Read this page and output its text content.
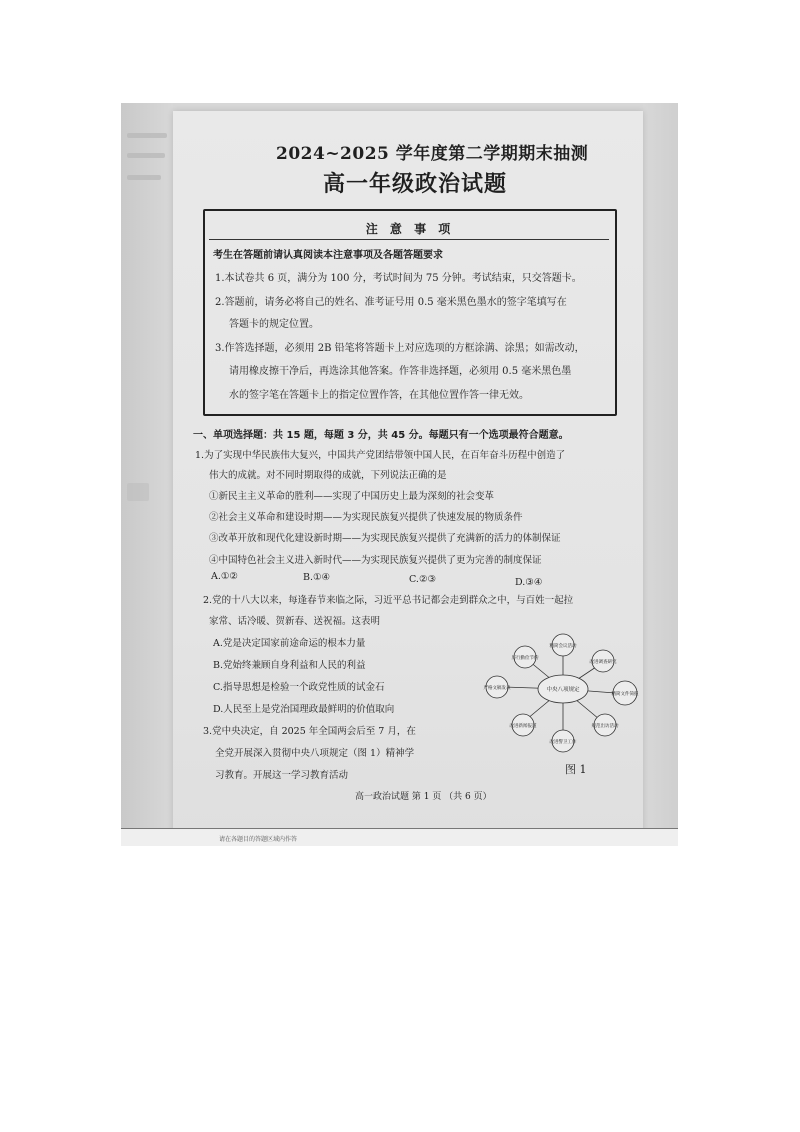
2024~2025 学年度第二学期期末抽测
高一年级政治试题
注 意 事 项
考生在答题前请认真阅读本注意事项及各题答题要求
1.本试卷共 6 页，满分为 100 分，考试时间为 75 分钟。考试结束，只交答题卡。
2.答题前，请务必将自己的姓名、准考证号用 0.5 毫米黑色墨水的签字笔填写在
答题卡的规定位置。
3.作答选择题，必须用 2B 铅笔将答题卡上对应选项的方框涂满、涂黑；如需改动，
请用橡皮擦干净后，再选涂其他答案。作答非选择题，必须用 0.5 毫米黑色墨
水的签字笔在答题卡上的指定位置作答，在其他位置作答一律无效。
一、单项选择题：共 15 题，每题 3 分，共 45 分。每题只有一个选项最符合题意。
1.为了实现中华民族伟大复兴，中国共产党团结带领中国人民，在百年奋斗历程中创造了
伟大的成就。对不同时期取得的成就，下列说法正确的是
①新民主主义革命的胜利——实现了中国历史上最为深刻的社会变革
②社会主义革命和建设时期——为实现民族复兴提供了快速发展的物质条件
③改革开放和现代化建设新时期——为实现民族复兴提供了充满新的活力的体制保证
④中国特色社会主义进入新时代——为实现民族复兴提供了更为完善的制度保证
A.①②	B.①④	C.②③	D.③④
2.党的十八大以来，每逢春节来临之际，习近平总书记都会走到群众之中，与百姓一起拉
家常、话冷暖、贺新春、送祝福。这表明
A.党是决定国家前途命运的根本力量
B.党始终兼顾自身利益和人民的利益
C.指导思想是检验一个政党性质的试金石
D.人民至上是党治国理政最鲜明的价值取向
3.党中央决定，自 2025 年全国两会后至 7 月，在
全党开展深入贯彻中央八项规定（图 1）精神学
习教育。开展这一学习教育活动
中央八项规定
精简会议活动
改进调查研究
精简文件简报
规范出访活动
改进警卫工作
改进新闻报道
严格文稿发表
厉行勤俭节约
图 1
高一政治试题 第 1 页 （共 6 页）
请在各题目的答题区域内作答
